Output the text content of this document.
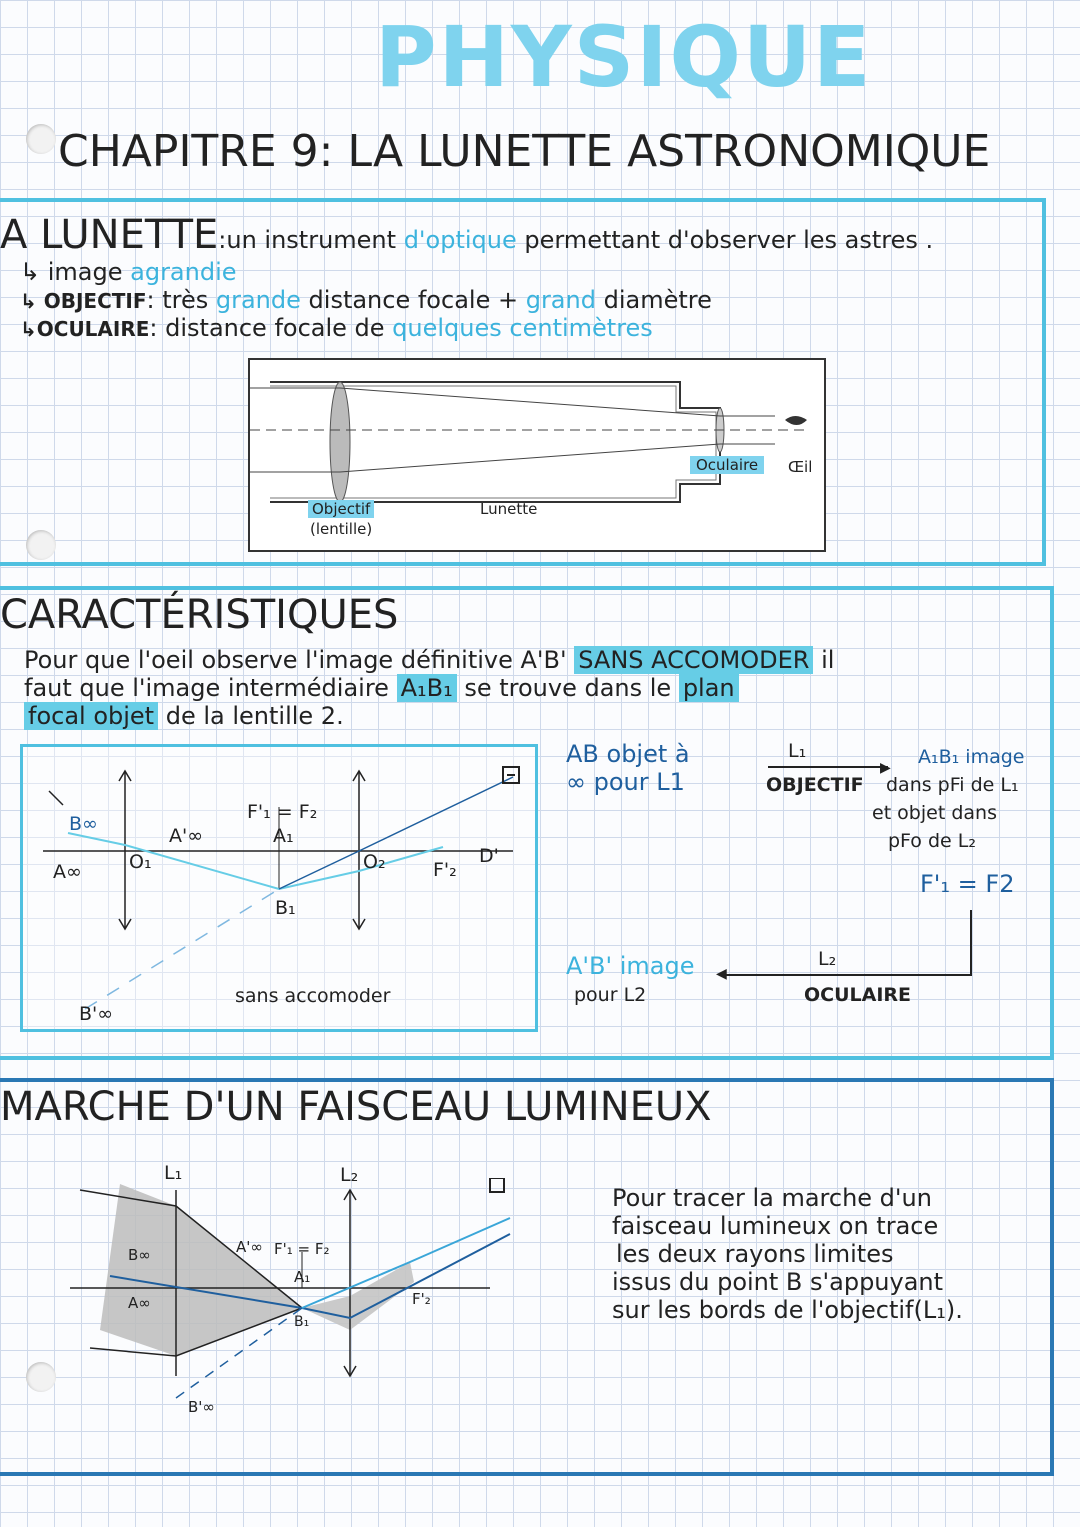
PHYSIQUE
CHAPITRE 9: LA LUNETTE ASTRONOMIQUE
A LUNETTE:un instrument d'optique permettant d'observer les astres .
↳ image agrandie
↳ OBJECTIF: très grande distance focale + grand diamètre
↳OCULAIRE: distance focale de quelques centimètres
Oculaire	Œil
Objectif
(lentille)
Lunette
CARACTÉRISTIQUES
Pour que l'oeil observe l'image définitive A'B' SANS ACCOMODER il
faut que l'image intermédiaire A₁B₁ se trouve dans le plan
focal objet de la lentille 2.
B∞
A'∞
A∞ O₁
F'₁ = F₂
A₁
B₁
O₂ F'₂
D'
B'∞
sans accomoder
AB objet à
∞ pour L1
L₁
▶
OBJECTIF
A₁B₁ image
dans pFi de L₁
et objet dans
pFo de L₂
F'₁ = F2
◀
L₂
OCULAIRE
A'B' image
pour L2
MARCHE D'UN FAISCEAU LUMINEUX
L₁	L₂
A'∞ F'₁ = F₂
A₁
B∞
A∞	F'₂
B₁
B'∞
Pour tracer la marche d'un
faisceau lumineux on trace
les deux rayons limites
issus du point B s'appuyant
sur les bords de l'objectif(L₁).
